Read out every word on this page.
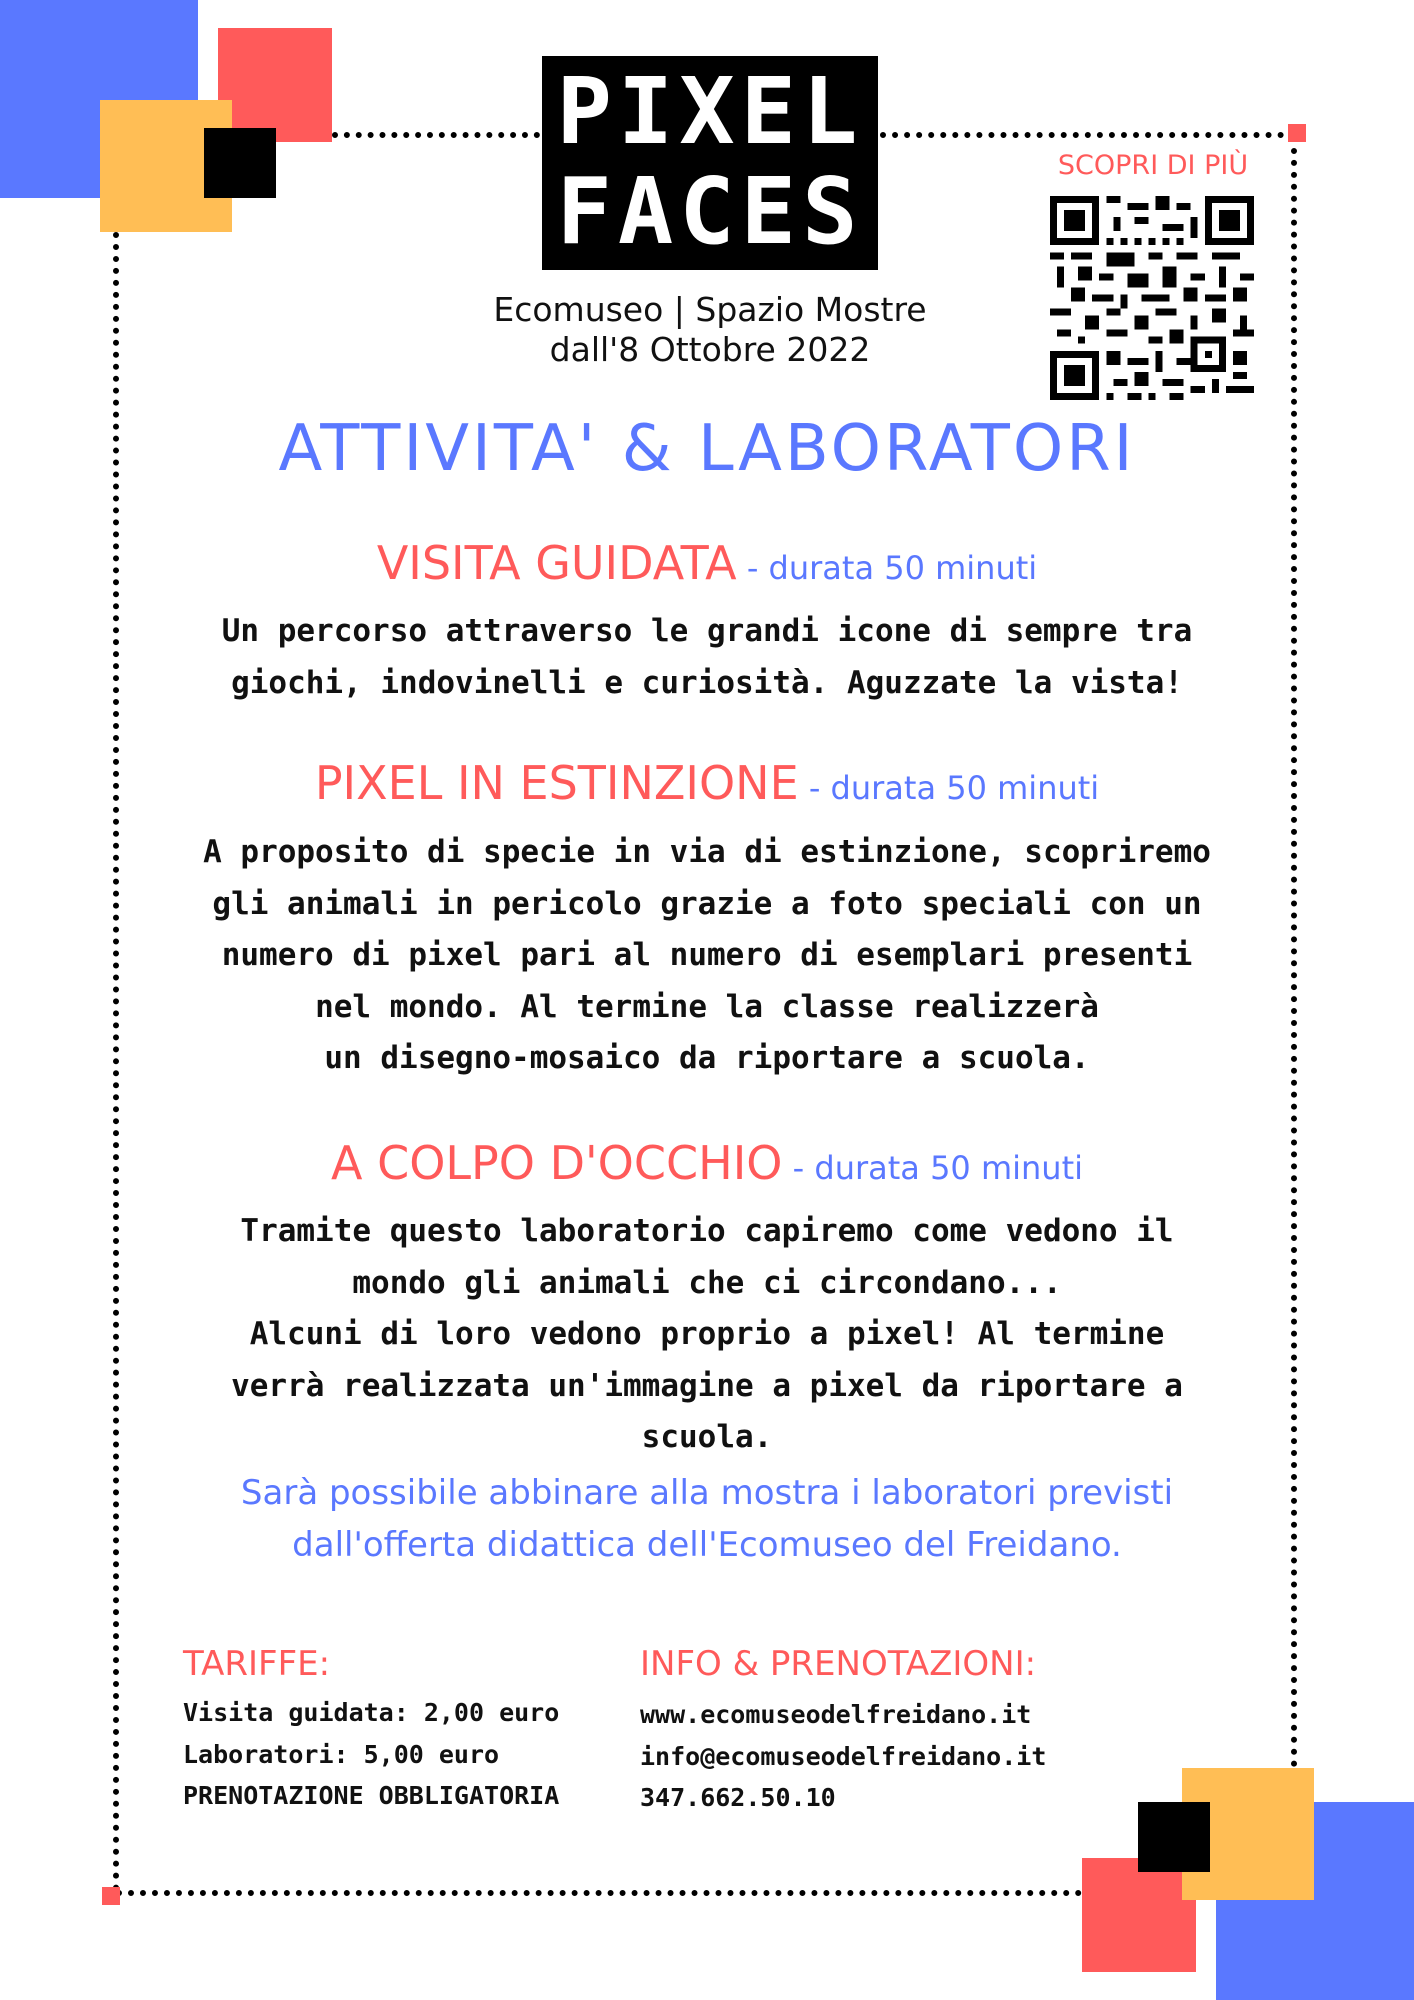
PIXEL
FACES
Ecomuseo | Spazio Mostre
dall'8 Ottobre 2022
SCOPRI DI PIÙ
ATTIVITA' & LABORATORI
VISITA GUIDATA - durata 50 minuti
Un percorso attraverso le grandi icone di sempre tra
giochi, indovinelli e curiosità. Aguzzate la vista!
PIXEL IN ESTINZIONE - durata 50 minuti
A proposito di specie in via di estinzione, scopriremo
gli animali in pericolo grazie a foto speciali con un
numero di pixel pari al numero di esemplari presenti
nel mondo. Al termine la classe realizzerà
un disegno-mosaico da riportare a scuola.
A COLPO D'OCCHIO - durata 50 minuti
Tramite questo laboratorio capiremo come vedono il
mondo gli animali che ci circondano...
Alcuni di loro vedono proprio a pixel! Al termine
verrà realizzata un'immagine a pixel da riportare a
scuola.
Sarà possibile abbinare alla mostra i laboratori previsti
dall'offerta didattica dell'Ecomuseo del Freidano.
TARIFFE:
Visita guidata: 2,00 euro
Laboratori: 5,00 euro
PRENOTAZIONE OBBLIGATORIA
INFO & PRENOTAZIONI:
www.ecomuseodelfreidano.it
info@ecomuseodelfreidano.it
347.662.50.10
